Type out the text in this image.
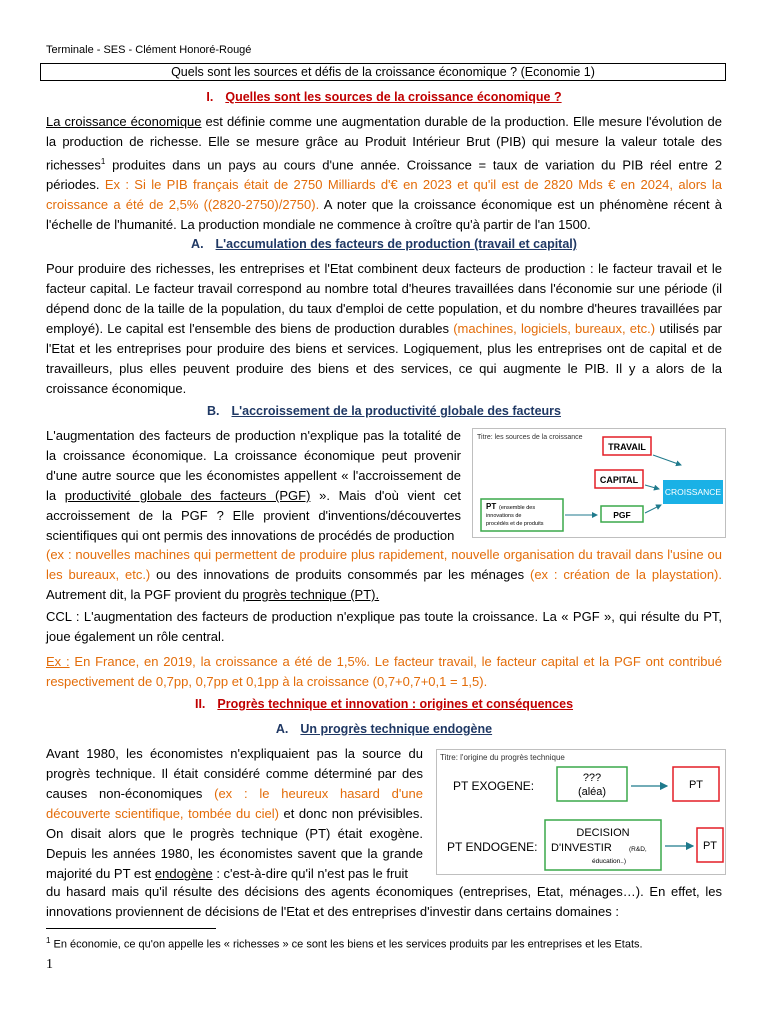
Terminale - SES - Clément Honoré-Rougé
Quels sont les sources et défis de la croissance économique ? (Economie 1)
I. Quelles sont les sources de la croissance économique ?
La croissance économique est définie comme une augmentation durable de la production. Elle mesure l'évolution de la production de richesse. Elle se mesure grâce au Produit Intérieur Brut (PIB) qui mesure la valeur totale des richesses$^1$ produites dans un pays au cours d'une année. Croissance = taux de variation du PIB réel entre 2 périodes. Ex : Si le PIB français était de 2750 Milliards d'€ en 2023 et qu'il est de 2820 Mds € en 2024, alors la croissance a été de 2,5% ((2820-2750)/2750). A noter que la croissance économique est un phénomène récent à l'échelle de l'humanité. La production mondiale ne commence à croître qu'à partir de l'an 1500.
A. L'accumulation des facteurs de production (travail et capital)
Pour produire des richesses, les entreprises et l'Etat combinent deux facteurs de production : le facteur travail et le facteur capital. Le facteur travail correspond au nombre total d'heures travaillées dans l'économie sur une période (il dépend donc de la taille de la population, du taux d'emploi de cette population, et du nombre d'heures travaillées par employé). Le capital est l'ensemble des biens de production durables (machines, logiciels, bureaux, etc.) utilisés par l'Etat et les entreprises pour produire des biens et services. Logiquement, plus les entreprises ont de capital et de travailleurs, plus elles peuvent produire des biens et des services, ce qui augmente le PIB. Il y a alors de la croissance économique.
B. L'accroissement de la productivité globale des facteurs
L'augmentation des facteurs de production n'explique pas la totalité de la croissance économique. La croissance économique peut provenir d'une autre source que les économistes appellent « l'accroissement de la productivité globale des facteurs (PGF) ». Mais d'où vient cet accroissement de la PGF ? Elle provient d'inventions/découvertes scientifiques qui ont permis des innovations de procédés de production
(ex : nouvelles machines qui permettent de produire plus rapidement, nouvelle organisation du travail dans l'usine ou les bureaux, etc.) ou des innovations de produits consommés par les ménages (ex : création de la playstation). Autrement dit, la PGF provient du progrès technique (PT).
Titre: les sources de la croissance
TRAVAIL
CAPITAL
CROISSANCE
PGF
PT (ensemble des
innovations de
procédés et de produits
CCL : L'augmentation des facteurs de production n'explique pas toute la croissance. La « PGF », qui résulte du PT, joue également un rôle central.
Ex : En France, en 2019, la croissance a été de 1,5%. Le facteur travail, le facteur capital et la PGF ont contribué respectivement de 0,7pp, 0,7pp et 0,1pp à la croissance (0,7+0,7+0,1 = 1,5).
II. Progrès technique et innovation : origines et conséquences
A. Un progrès technique endogène
Avant 1980, les économistes n'expliquaient pas la source du progrès technique. Il était considéré comme déterminé par des causes non-économiques (ex : le heureux hasard d'une découverte scientifique, tombée du ciel) et donc non prévisibles. On disait alors que le progrès technique (PT) était exogène. Depuis les années 1980, les économistes savent que la grande majorité du PT est endogène : c'est-à-dire qu'il n'est pas le fruit
du hasard mais qu'il résulte des décisions des agents économiques (entreprises, Etat, ménages…). En effet, les innovations proviennent de décisions de l'Etat et des entreprises d'investir dans certains domaines :
Titre: l'origine du progrès technique
PT EXOGENE:
???
(aléa)
PT
PT ENDOGENE:
DECISION
D'INVESTIR	(R&D,
éducation..)
PT
$^1$ En économie, ce qu'on appelle les « richesses » ce sont les biens et les services produits par les entreprises et les Etats.
1
